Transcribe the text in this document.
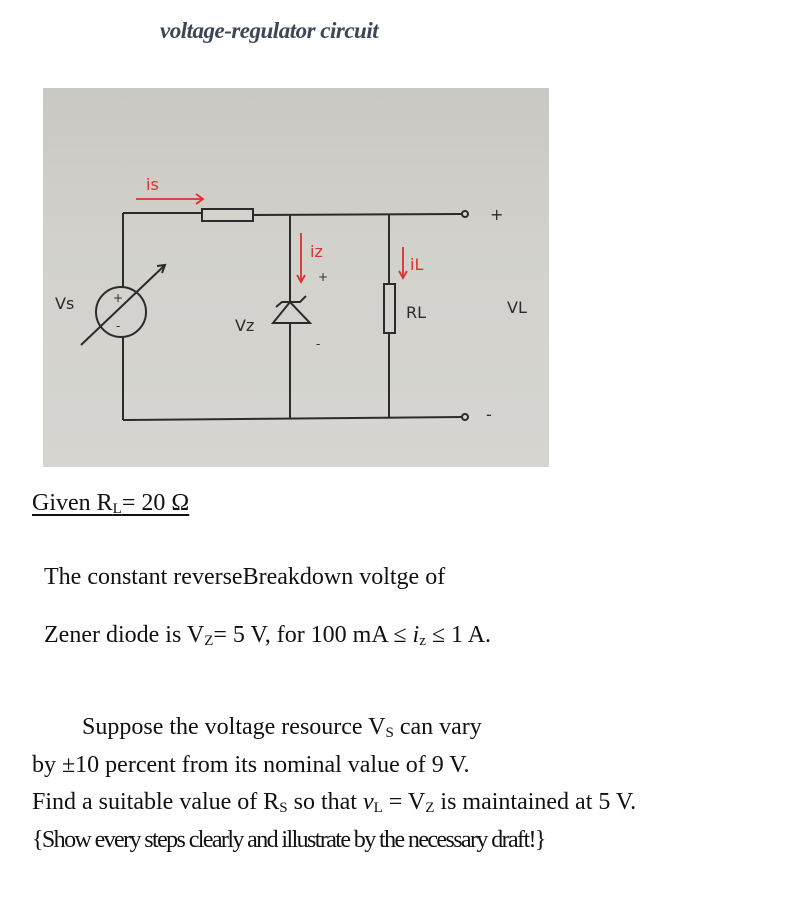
voltage-regulator circuit
is
Vs	+
-	Vz
iz
+
-
iL
RL	VL
+
-
Given $R_L= 20$ Ω
The constant reverseBreakdown voltge of
Zener diode is $V_Z= 5$ V, for 100 mA ≤ $i_z \le 1$ A.
Suppose the voltage resource $V_S$ can vary
by ±10 percent from its nominal value of 9 V.
Find a suitable value of $R_S$ so that $v_L = V_Z$ is maintained at 5 V.
{Show every steps clearly and illustrate by the necessary draft!}
